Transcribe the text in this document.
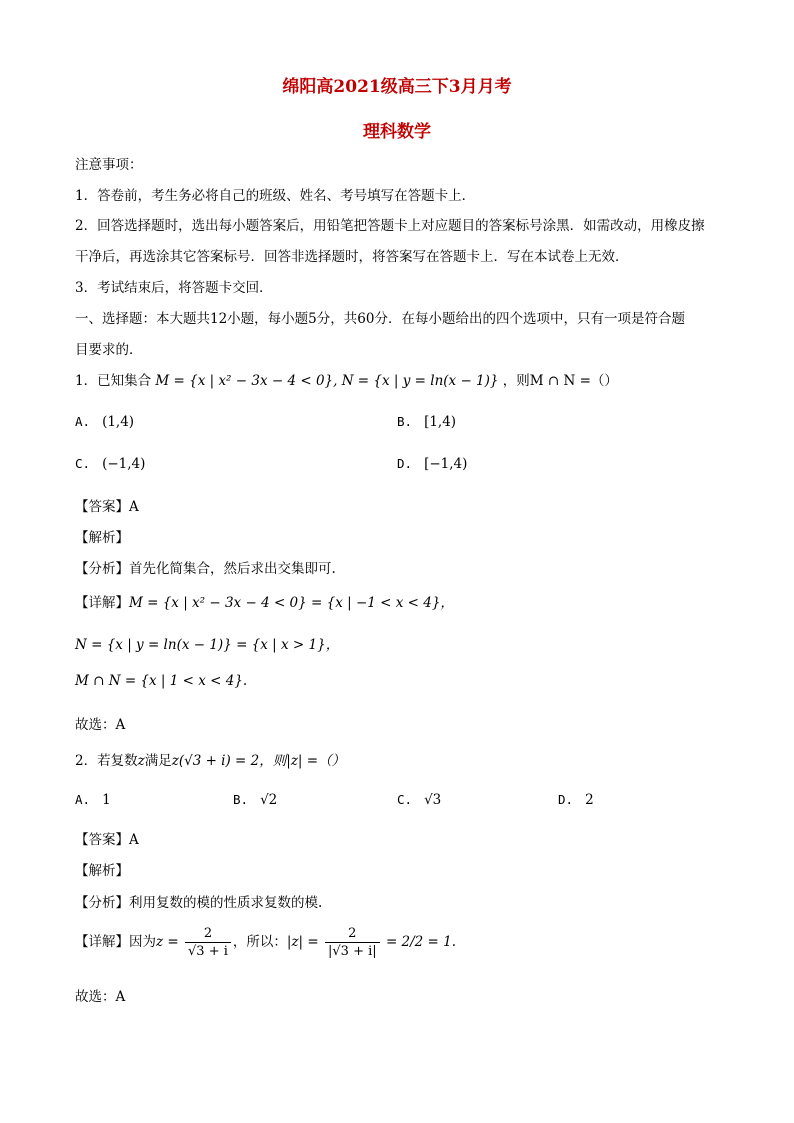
绵阳高2021级高三下3月月考
理科数学
注意事项：
1．答卷前，考生务必将自己的班级、姓名、考号填写在答题卡上．
2．回答选择题时，选出每小题答案后，用铅笔把答题卡上对应题目的答案标号涂黑．如需改动，用橡皮擦
干净后，再选涂其它答案标号．回答非选择题时，将答案写在答题卡上．写在本试卷上无效．
3．考试结束后，将答题卡交回．
一、选择题：本大题共12小题，每小题5分，共60分．在每小题给出的四个选项中，只有一项是符合题
目要求的．
1．已知集合 M = {x | x² − 3x − 4 < 0}, N = {x | y = ln(x − 1)} ，则M ∩ N =（）
A. (1,4)	B. [1,4)
C. (−1,4)	D. [−1,4)
【答案】A
【解析】
【分析】首先化简集合，然后求出交集即可.
【详解】M = {x | x² − 3x − 4 < 0} = {x | −1 < x < 4}，
N = {x | y = ln(x − 1)} = {x | x > 1}，
M ∩ N = {x | 1 < x < 4}.
故选：A
2．若复数z满足z(√3 + i) = 2，则|z| =（）
A. 1	B. √2	C. √3	D. 2
【答案】A
【解析】
【分析】利用复数的模的性质求复数的模.
【详解】因为$z = \frac{2}{√3 + i}$ ，所以：$|z| = \frac{2}{|√3 + i|} = 2/2 = 1$.
故选：A
